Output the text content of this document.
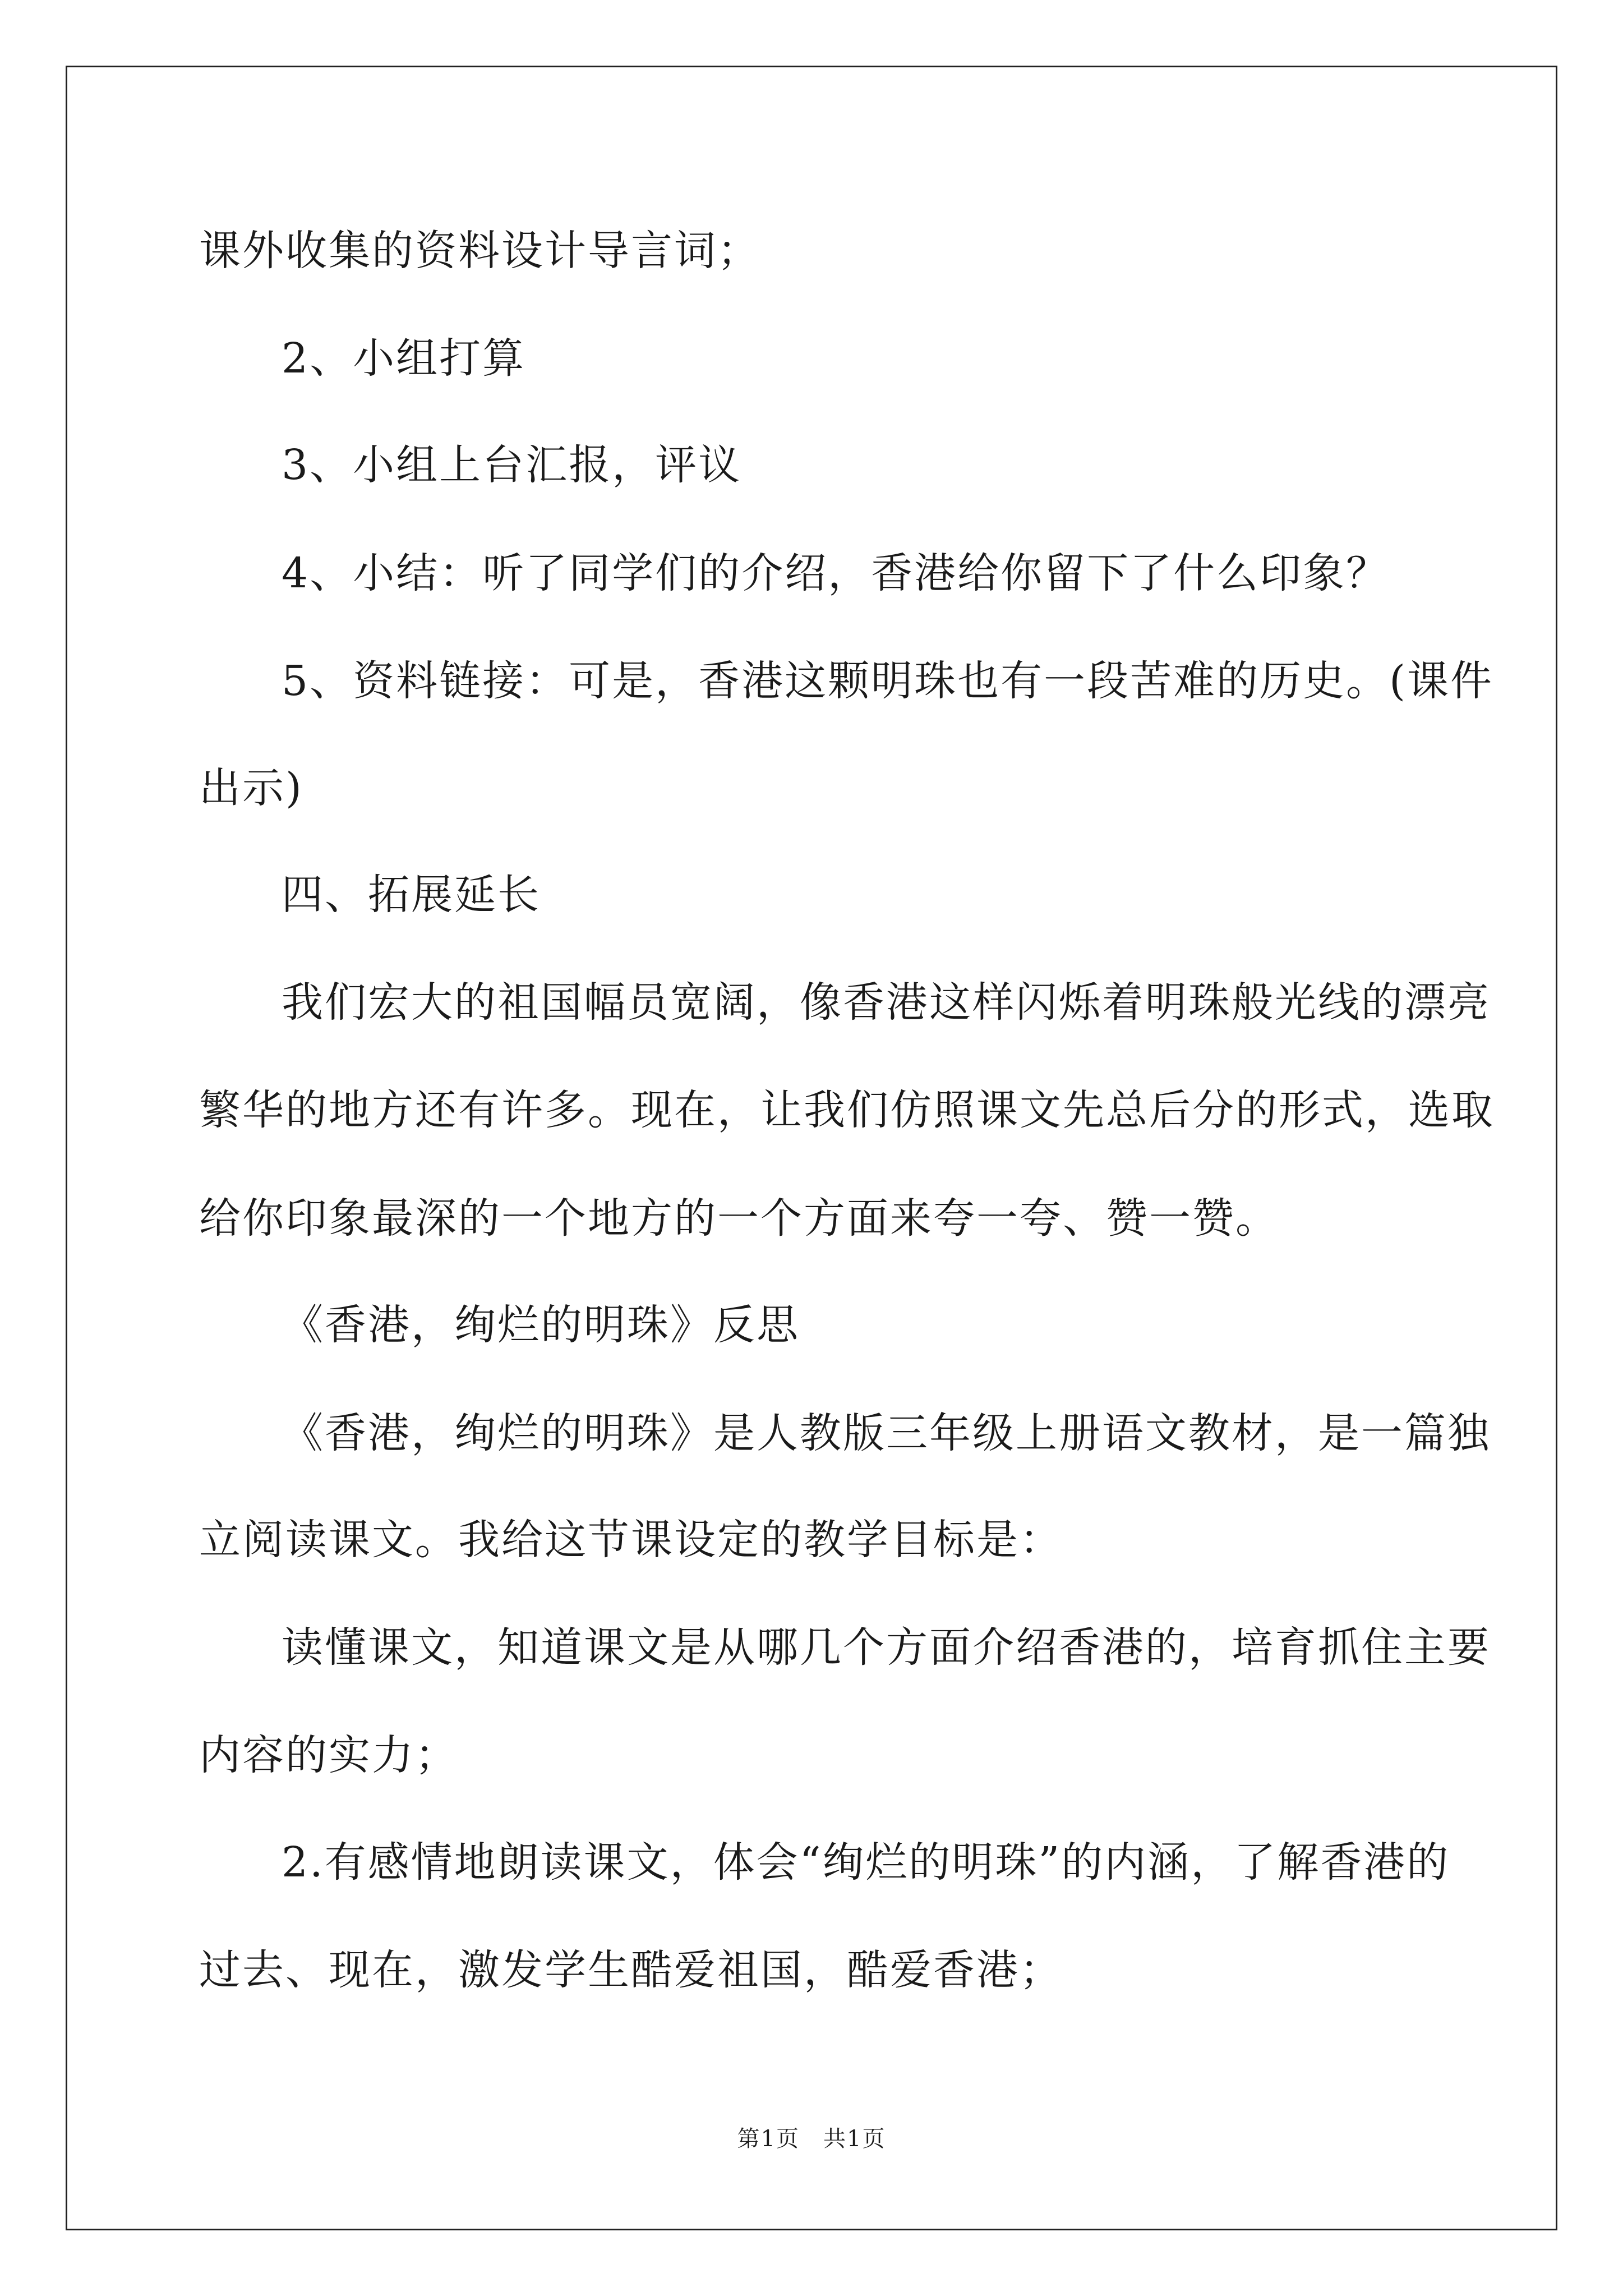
课外收集的资料设计导言词；
2、小组打算
3、小组上台汇报，评议
4、小结：听了同学们的介绍，香港给你留下了什么印象？
5、资料链接：可是，香港这颗明珠也有一段苦难的历史。(课件
出示)
四、拓展延长
我们宏大的祖国幅员宽阔，像香港这样闪烁着明珠般光线的漂亮
繁华的地方还有许多。现在，让我们仿照课文先总后分的形式，选取
给你印象最深的一个地方的一个方面来夸一夸、赞一赞。
《香港，绚烂的明珠》反思
《香港，绚烂的明珠》是人教版三年级上册语文教材，是一篇独
立阅读课文。我给这节课设定的教学目标是：
读懂课文，知道课文是从哪几个方面介绍香港的，培育抓住主要
内容的实力；
2.有感情地朗读课文，体会“绚烂的明珠”的内涵，了解香港的
过去、现在，激发学生酷爱祖国，酷爱香港；
第1页　共1页
